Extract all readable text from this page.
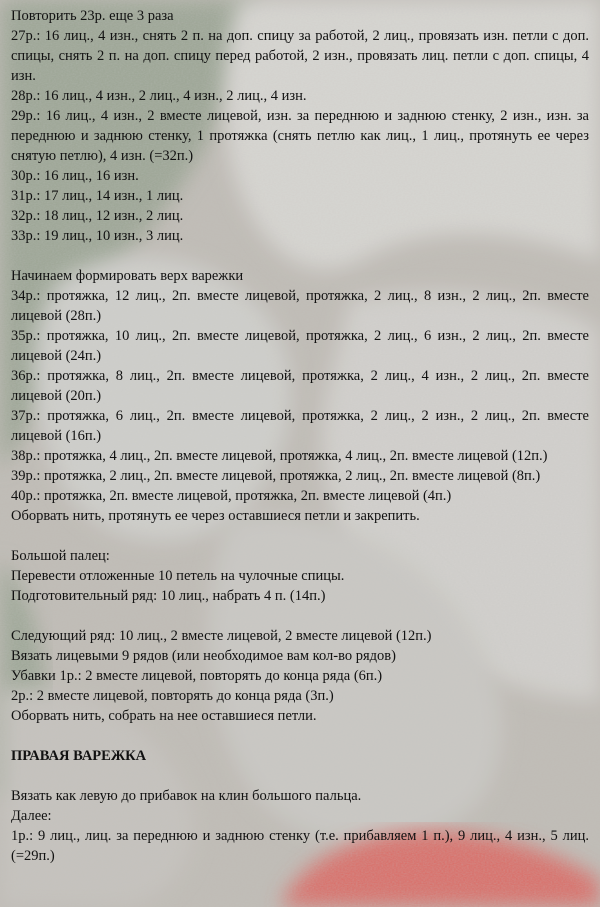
Повторить 23р. еще 3 раза
27р.: 16 лиц., 4 изн., снять 2 п. на доп. спицу за работой, 2 лиц., провязать изн. петли с доп. спицы, снять 2 п. на доп. спицу перед работой, 2 изн., провязать лиц. петли с доп. спицы, 4 изн.
28р.: 16 лиц., 4 изн., 2 лиц., 4 изн., 2 лиц., 4 изн.
29р.: 16 лиц., 4 изн., 2 вместе лицевой, изн. за переднюю и заднюю стенку, 2 изн., изн. за переднюю и заднюю стенку, 1 протяжка (снять петлю как лиц., 1 лиц., протянуть ее через снятую петлю), 4 изн. (=32п.)
30р.: 16 лиц., 16 изн.
31р.: 17 лиц., 14 изн., 1 лиц.
32р.: 18 лиц., 12 изн., 2 лиц.
33р.: 19 лиц., 10 изн., 3 лиц.
Начинаем формировать верх варежки
34р.: протяжка, 12 лиц., 2п. вместе лицевой, протяжка, 2 лиц., 8 изн., 2 лиц., 2п. вместе лицевой (28п.)
35р.: протяжка, 10 лиц., 2п. вместе лицевой, протяжка, 2 лиц., 6 изн., 2 лиц., 2п. вместе лицевой (24п.)
36р.: протяжка, 8 лиц., 2п. вместе лицевой, протяжка, 2 лиц., 4 изн., 2 лиц., 2п. вместе лицевой (20п.)
37р.: протяжка, 6 лиц., 2п. вместе лицевой, протяжка, 2 лиц., 2 изн., 2 лиц., 2п. вместе лицевой (16п.)
38р.: протяжка, 4 лиц., 2п. вместе лицевой, протяжка, 4 лиц., 2п. вместе лицевой (12п.)
39р.: протяжка, 2 лиц., 2п. вместе лицевой, протяжка, 2 лиц., 2п. вместе лицевой (8п.)
40р.: протяжка, 2п. вместе лицевой, протяжка, 2п. вместе лицевой (4п.)
Оборвать нить, протянуть ее через оставшиеся петли и закрепить.
Большой палец:
Перевести отложенные 10 петель на чулочные спицы.
Подготовительный ряд: 10 лиц., набрать 4 п. (14п.)
Следующий ряд: 10 лиц., 2 вместе лицевой, 2 вместе лицевой (12п.)
Вязать лицевыми 9 рядов (или необходимое вам кол-во рядов)
Убавки 1р.: 2 вместе лицевой, повторять до конца ряда (6п.)
2р.: 2 вместе лицевой, повторять до конца ряда (3п.)
Оборвать нить, собрать на нее оставшиеся петли.
ПРАВАЯ ВАРЕЖКА
Вязать как левую до прибавок на клин большого пальца.
Далее:
1р.: 9 лиц., лиц. за переднюю и заднюю стенку (т.е. прибавляем 1 п.), 9 лиц., 4 изн., 5 лиц. (=29п.)
